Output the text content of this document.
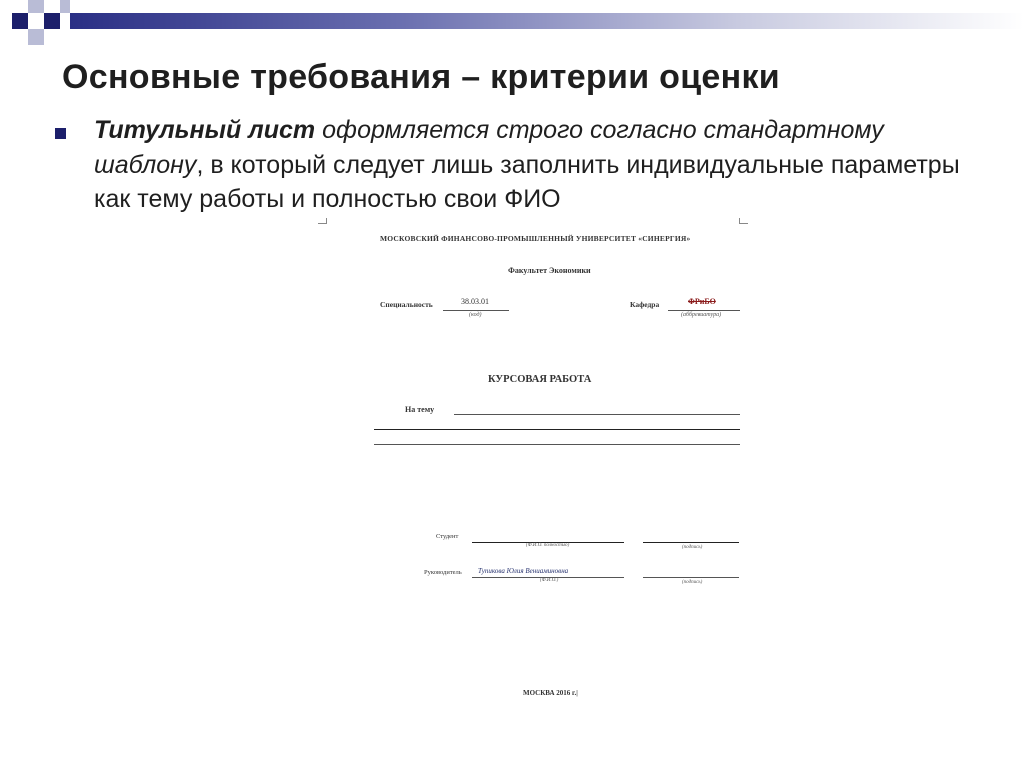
Основные требования – критерии оценки

Титульный лист оформляется строго согласно стандартному шаблону, в который следует лишь заполнить индивидуальные параметры как тему работы и полностью свои ФИО

МОСКОВСКИЙ ФИНАНСОВО-ПРОМЫШЛЕННЫЙ УНИВЕРСИТЕТ «СИНЕРГИЯ»
Факультет Экономики
Специальность	38.03.01
(код)
Кафедра	ФРиБО
(аббревиатура)
КУРСОВАЯ РАБОТА
На тему
Студент
(Ф.И.О. полностью)	(подпись)
Руководитель Тупикова Юлия Вениаминовна
(Ф.И.О.)	(подпись)
МОСКВА 2016 г.|
